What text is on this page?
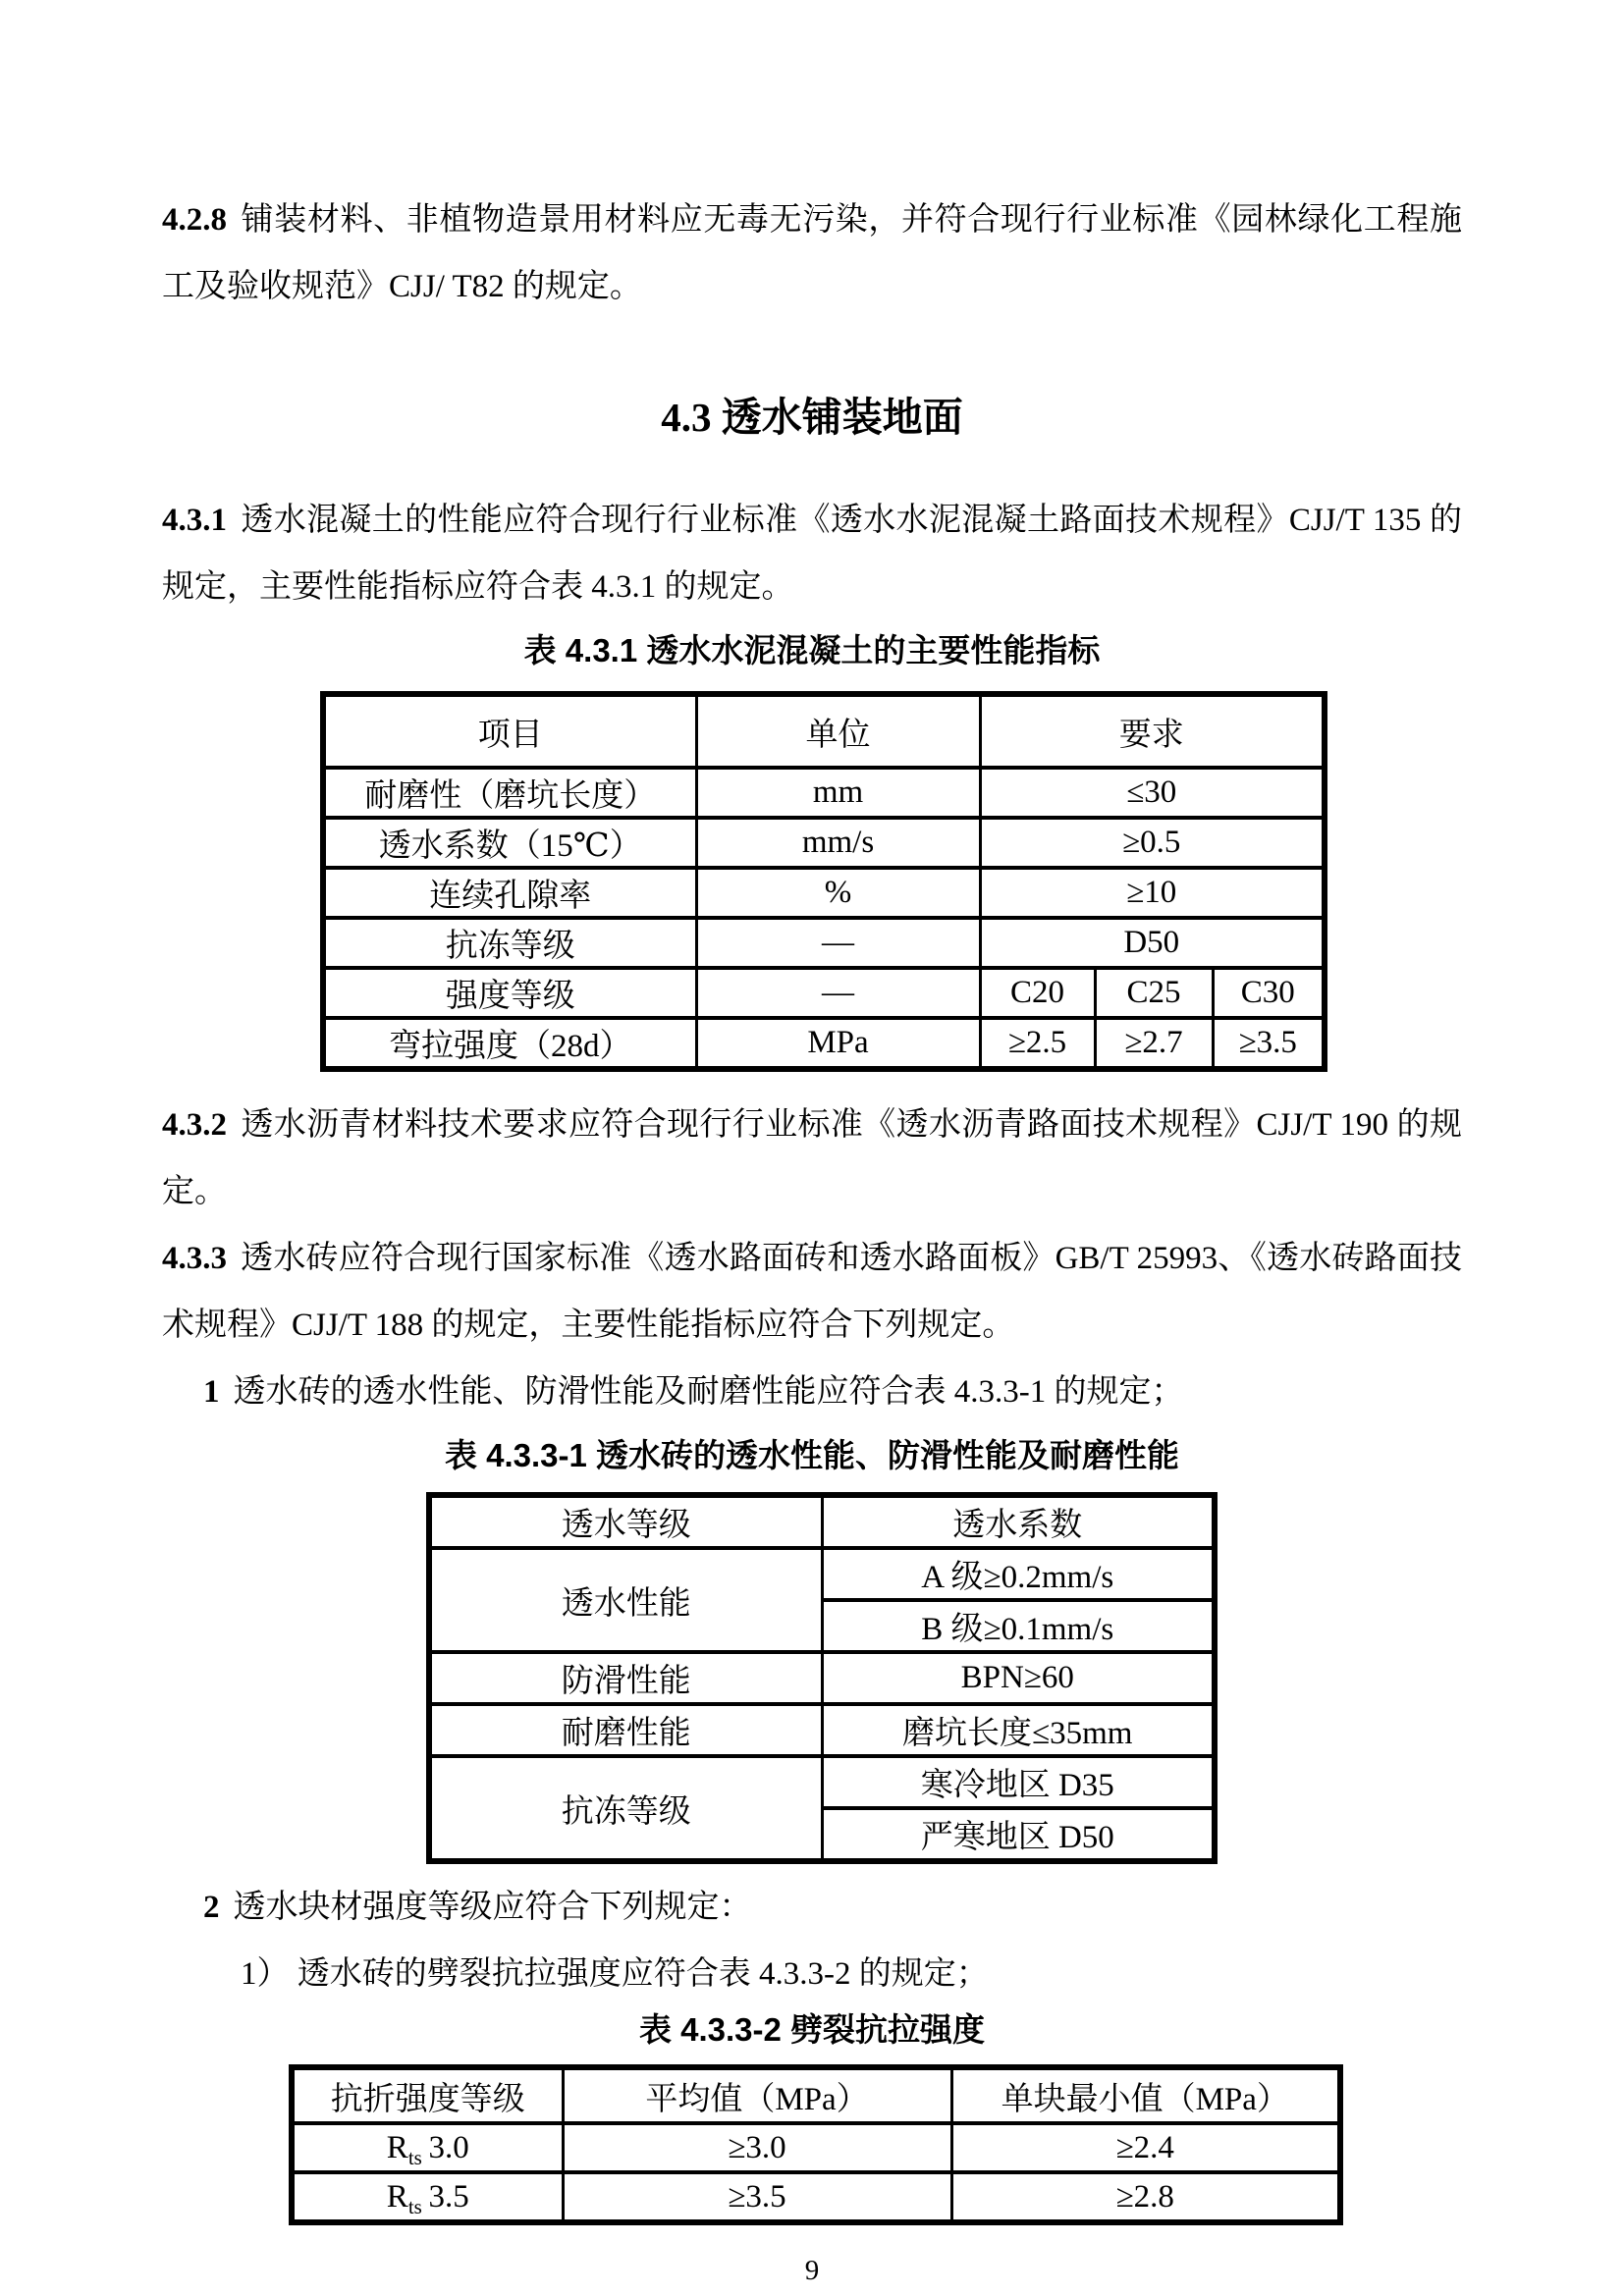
4.2.8 铺装材料、非植物造景用材料应无毒无污染，并符合现行行业标准《园林绿化工程施工及验收规范》CJJ/ T82 的规定。

4.3 透水铺装地面

4.3.1 透水混凝土的性能应符合现行行业标准《透水水泥混凝土路面技术规程》CJJ/T 135 的规定，主要性能指标应符合表 4.3.1 的规定。

表 4.3.1 透水水泥混凝土的主要性能指标
项目	单位	要求		
耐磨性（磨坑长度）	mm	≤30		
透水系数（15℃）	mm/s	≥0.5		
连续孔隙率	%	≥10		
抗冻等级	—	D50		
强度等级	—	C20	C25	C30
弯拉强度（28d）	MPa	≥2.5	≥2.7	≥3.5

4.3.2 透水沥青材料技术要求应符合现行行业标准《透水沥青路面技术规程》CJJ/T 190 的规定。

4.3.3 透水砖应符合现行国家标准《透水路面砖和透水路面板》GB/T 25993、《透水砖路面技术规程》CJJ/T 188 的规定，主要性能指标应符合下列规定。

1 透水砖的透水性能、防滑性能及耐磨性能应符合表 4.3.3-1 的规定；

表 4.3.3-1 透水砖的透水性能、防滑性能及耐磨性能
透水等级	透水系数
透水性能	A 级≥0.2mm/s
	B 级≥0.1mm/s
防滑性能	BPN≥60
耐磨性能	磨坑长度≤35mm
抗冻等级	寒冷地区 D35
	严寒地区 D50

2 透水块材强度等级应符合下列规定：

1） 透水砖的劈裂抗拉强度应符合表 4.3.3-2 的规定；

表 4.3.3-2 劈裂抗拉强度
抗折强度等级	平均值（MPa）	单块最小值（MPa）
$R_{ts}$  3.0	≥3.0	≥2.4
$R_{ts}$  3.5	≥3.5	≥2.8
9
